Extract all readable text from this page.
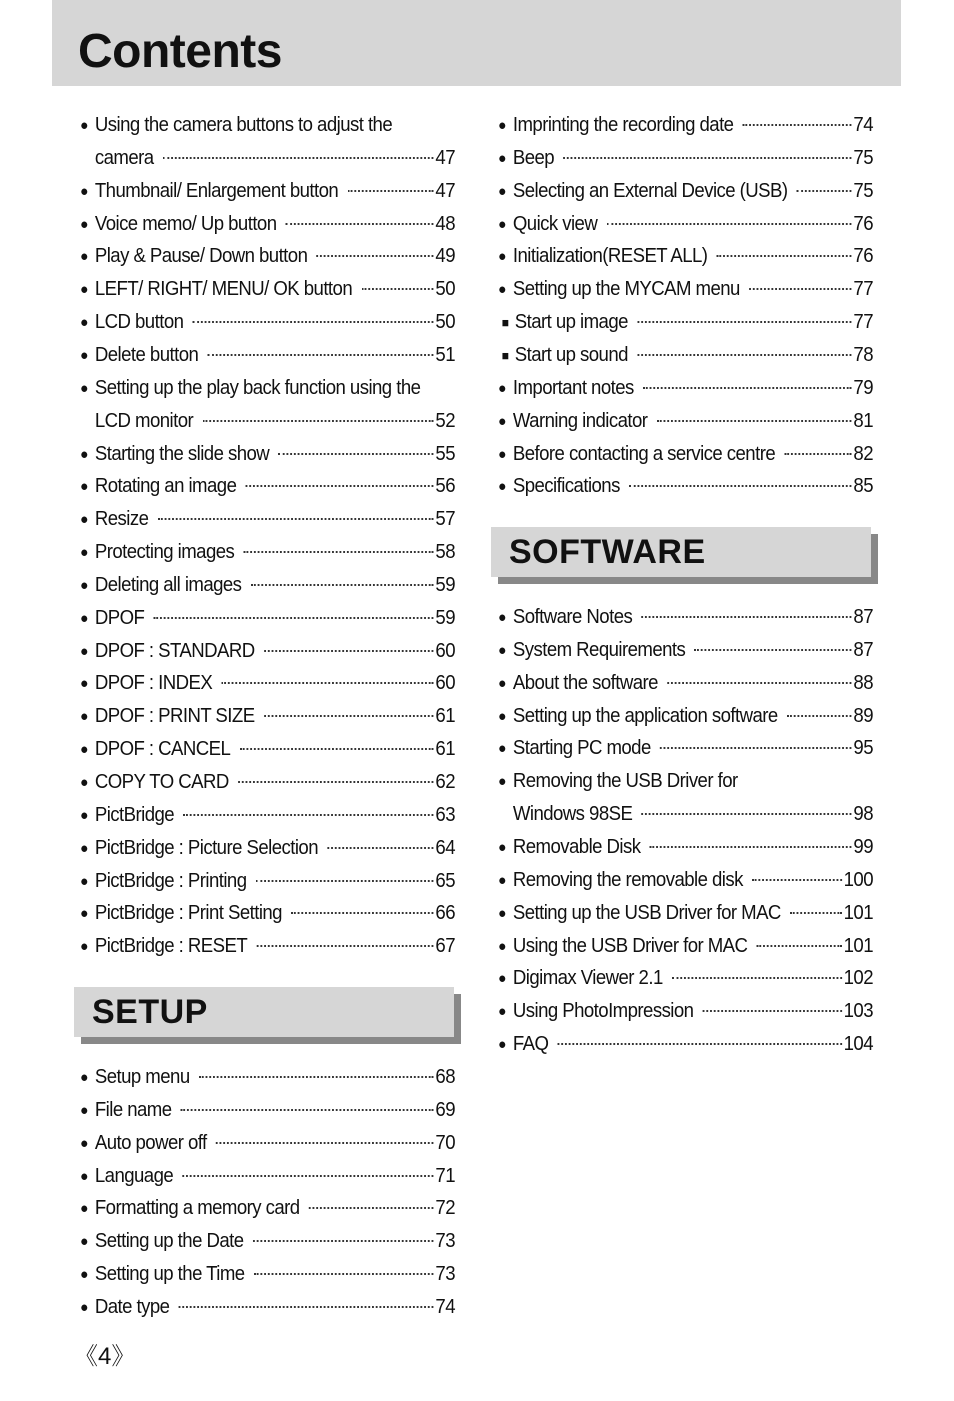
Contents
● Using the camera buttons to adjust the
camera	47
● Thumbnail/ Enlargement button	47
● Voice memo/ Up button	48
● Play & Pause/ Down button	49
● LEFT/ RIGHT/ MENU/ OK button	50
● LCD button	50
● Delete button	51
● Setting up the play back function using the
LCD monitor	52
● Starting the slide show	55
● Rotating an image	56
● Resize	57
● Protecting images	58
● Deleting all images	59
● DPOF	59
● DPOF : STANDARD	60
● DPOF : INDEX	60
● DPOF : PRINT SIZE	61
● DPOF : CANCEL	61
● COPY TO CARD	62
● PictBridge	63
● PictBridge : Picture Selection	64
● PictBridge : Printing	65
● PictBridge : Print Setting	66
● PictBridge : RESET	67
● Setup menu	68
● File name	69
● Auto power off	70
● Language	71
● Formatting a memory card	72
● Setting up the Date	73
● Setting up the Time	73
● Date type	74
● Imprinting the recording date	74
● Beep	75
● Selecting an External Device (USB)	75
● Quick view	76
● Initialization(RESET ALL)	76
● Setting up the MYCAM menu	77
■ Start up image	77
■ Start up sound	78
● Important notes	79
● Warning indicator	81
● Before contacting a service centre	82
● Specifications	85
● Software Notes	87
● System Requirements	87
● About the software	88
● Setting up the application software	89
● Starting PC mode	95
● Removing the USB Driver for
Windows 98SE	98
● Removable Disk	99
● Removing the removable disk	100
● Setting up the USB Driver for MAC	101
● Using the USB Driver for MAC	101
● Digimax Viewer 2.1	102
● Using PhotoImpression	103
● FAQ	104
SETUP
SOFTWARE
《4》
